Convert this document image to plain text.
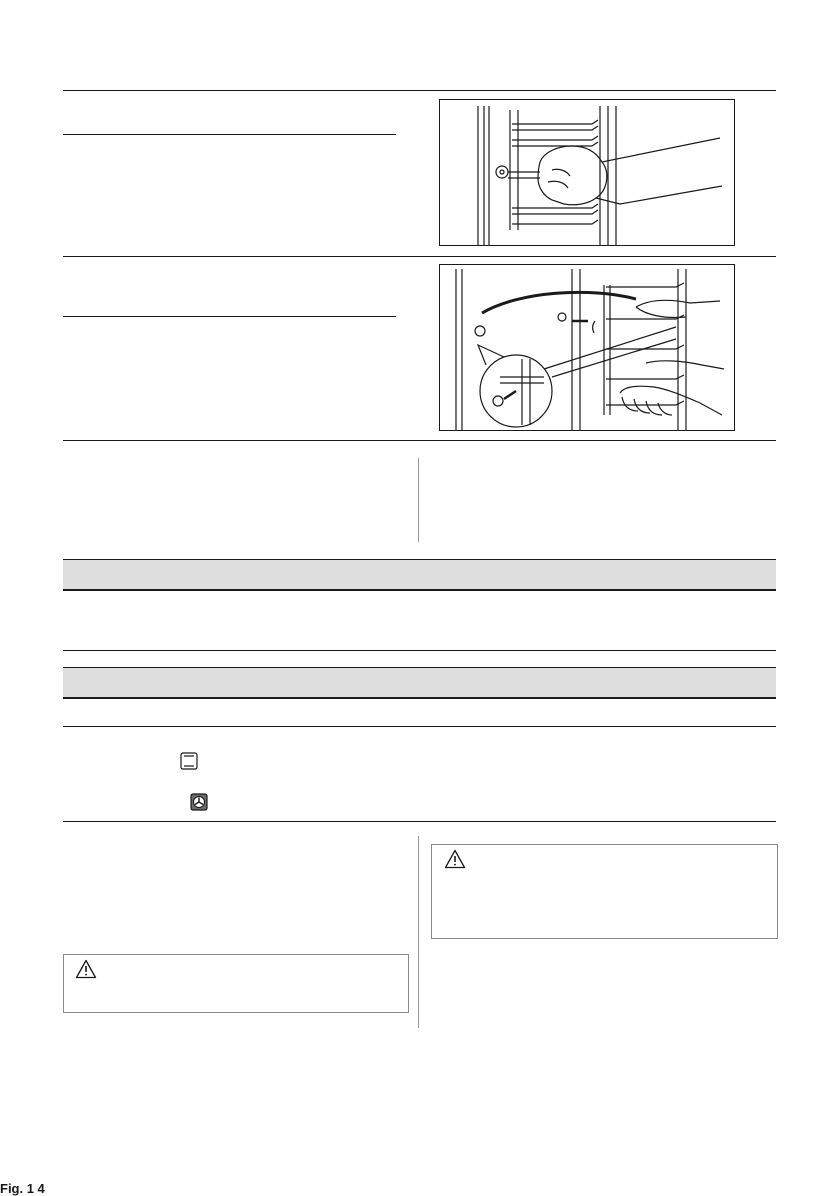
Fig. 1 4
